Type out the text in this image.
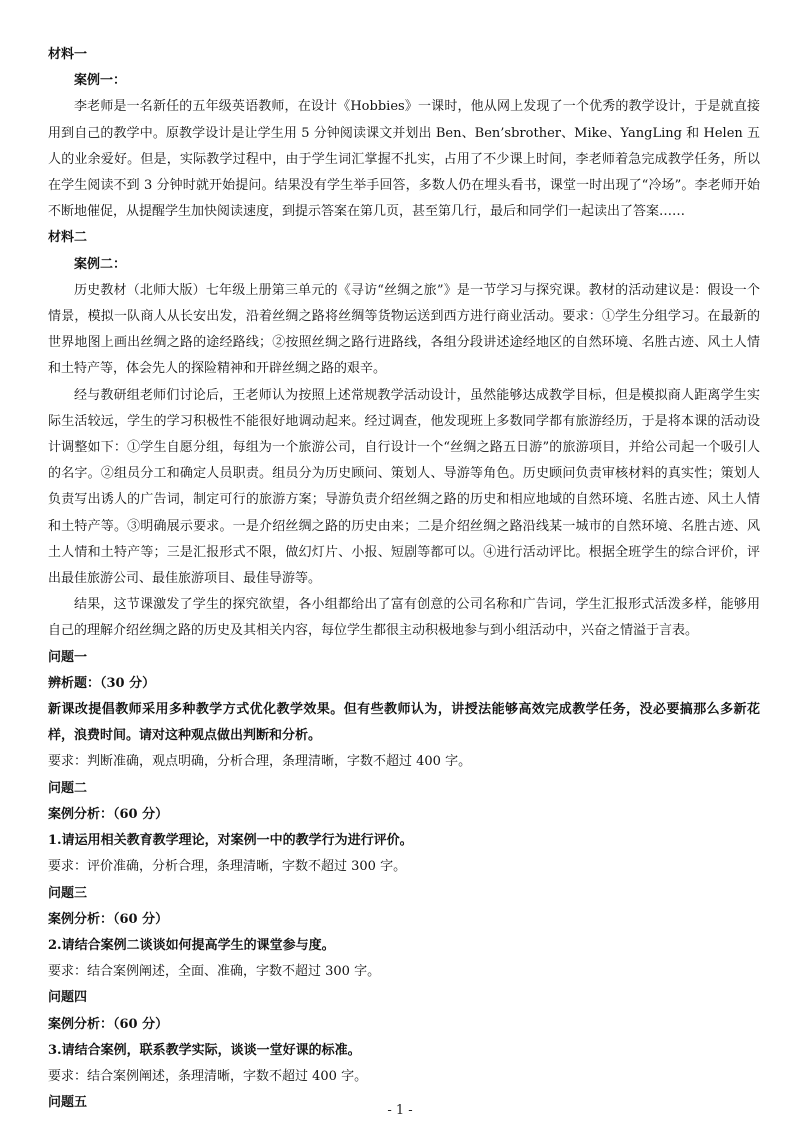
材料一

案例一：

李老师是一名新任的五年级英语教师，在设计《Hobbies》一课时，他从网上发现了一个优秀的教学设计，于是就直接用到自己的教学中。原教学设计是让学生用 5 分钟阅读课文并划出 Ben、Ben’sbrother、Mike、YangLing 和 Helen 五人的业余爱好。但是，实际教学过程中，由于学生词汇掌握不扎实，占用了不少课上时间，李老师着急完成教学任务，所以在学生阅读不到 3 分钟时就开始提问。结果没有学生举手回答，多数人仍在埋头看书，课堂一时出现了“冷场”。李老师开始不断地催促，从提醒学生加快阅读速度，到提示答案在第几页，甚至第几行，最后和同学们一起读出了答案……

材料二

案例二：

历史教材（北师大版）七年级上册第三单元的《寻访“丝绸之旅”》是一节学习与探究课。教材的活动建议是：假设一个情景，模拟一队商人从长安出发，沿着丝绸之路将丝绸等货物运送到西方进行商业活动。要求：①学生分组学习。在最新的世界地图上画出丝绸之路的途经路线；②按照丝绸之路行进路线，各组分段讲述途经地区的自然环境、名胜古迹、风土人情和土特产等，体会先人的探险精神和开辟丝绸之路的艰辛。

经与教研组老师们讨论后，王老师认为按照上述常规教学活动设计，虽然能够达成教学目标，但是模拟商人距离学生实际生活较远，学生的学习积极性不能很好地调动起来。经过调查，他发现班上多数同学都有旅游经历，于是将本课的活动设计调整如下：①学生自愿分组，每组为一个旅游公司，自行设计一个“丝绸之路五日游”的旅游项目，并给公司起一个吸引人的名字。②组员分工和确定人员职责。组员分为历史顾问、策划人、导游等角色。历史顾问负责审核材料的真实性；策划人负责写出诱人的广告词，制定可行的旅游方案；导游负责介绍丝绸之路的历史和相应地域的自然环境、名胜古迹、风土人情和土特产等。③明确展示要求。一是介绍丝绸之路的历史由来；二是介绍丝绸之路沿线某一城市的自然环境、名胜古迹、风土人情和土特产等；三是汇报形式不限，做幻灯片、小报、短剧等都可以。④进行活动评比。根据全班学生的综合评价，评出最佳旅游公司、最佳旅游项目、最佳导游等。

结果，这节课激发了学生的探究欲望，各小组都给出了富有创意的公司名称和广告词，学生汇报形式活泼多样，能够用自己的理解介绍丝绸之路的历史及其相关内容，每位学生都很主动积极地参与到小组活动中，兴奋之情溢于言表。

问题一

辨析题：（30 分）

新课改提倡教师采用多种教学方式优化教学效果。但有些教师认为，讲授法能够高效完成教学任务，没必要搞那么多新花样，浪费时间。请对这种观点做出判断和分析。

要求：判断准确，观点明确，分析合理，条理清晰，字数不超过 400 字。

问题二

案例分析：（60 分）

1.请运用相关教育教学理论，对案例一中的教学行为进行评价。

要求：评价准确，分析合理，条理清晰，字数不超过 300 字。

问题三

案例分析：（60 分）

2.请结合案例二谈谈如何提高学生的课堂参与度。

要求：结合案例阐述，全面、准确，字数不超过 300 字。

问题四

案例分析：（60 分）

3.请结合案例，联系教学实际，谈谈一堂好课的标准。

要求：结合案例阐述，条理清晰，字数不超过 400 字。

问题五

- 1 -
